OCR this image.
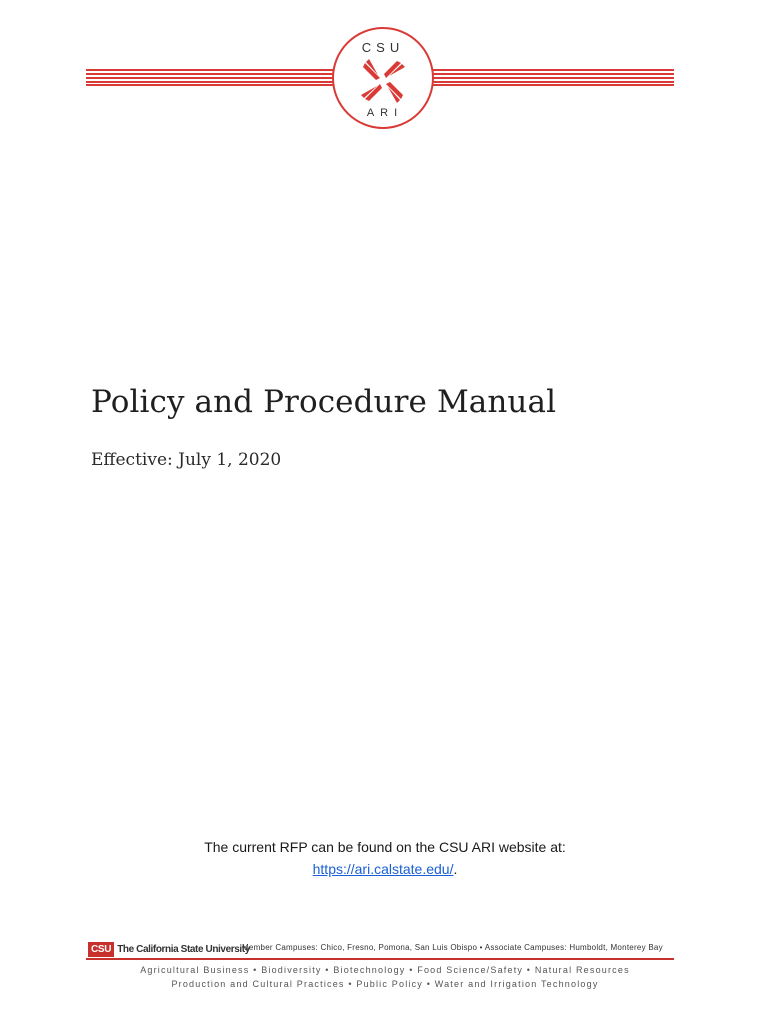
CSU
ARI
Policy and Procedure Manual

Effective: July 1, 2020

The current RFP can be found on the CSU ARI website at:
https://ari.calstate.edu/.
CSU The California State University
Member Campuses: Chico, Fresno, Pomona, San Luis Obispo • Associate Campuses: Humboldt, Monterey Bay
Agricultural Business • Biodiversity • Biotechnology • Food Science/Safety • Natural Resources
Production and Cultural Practices • Public Policy • Water and Irrigation Technology
